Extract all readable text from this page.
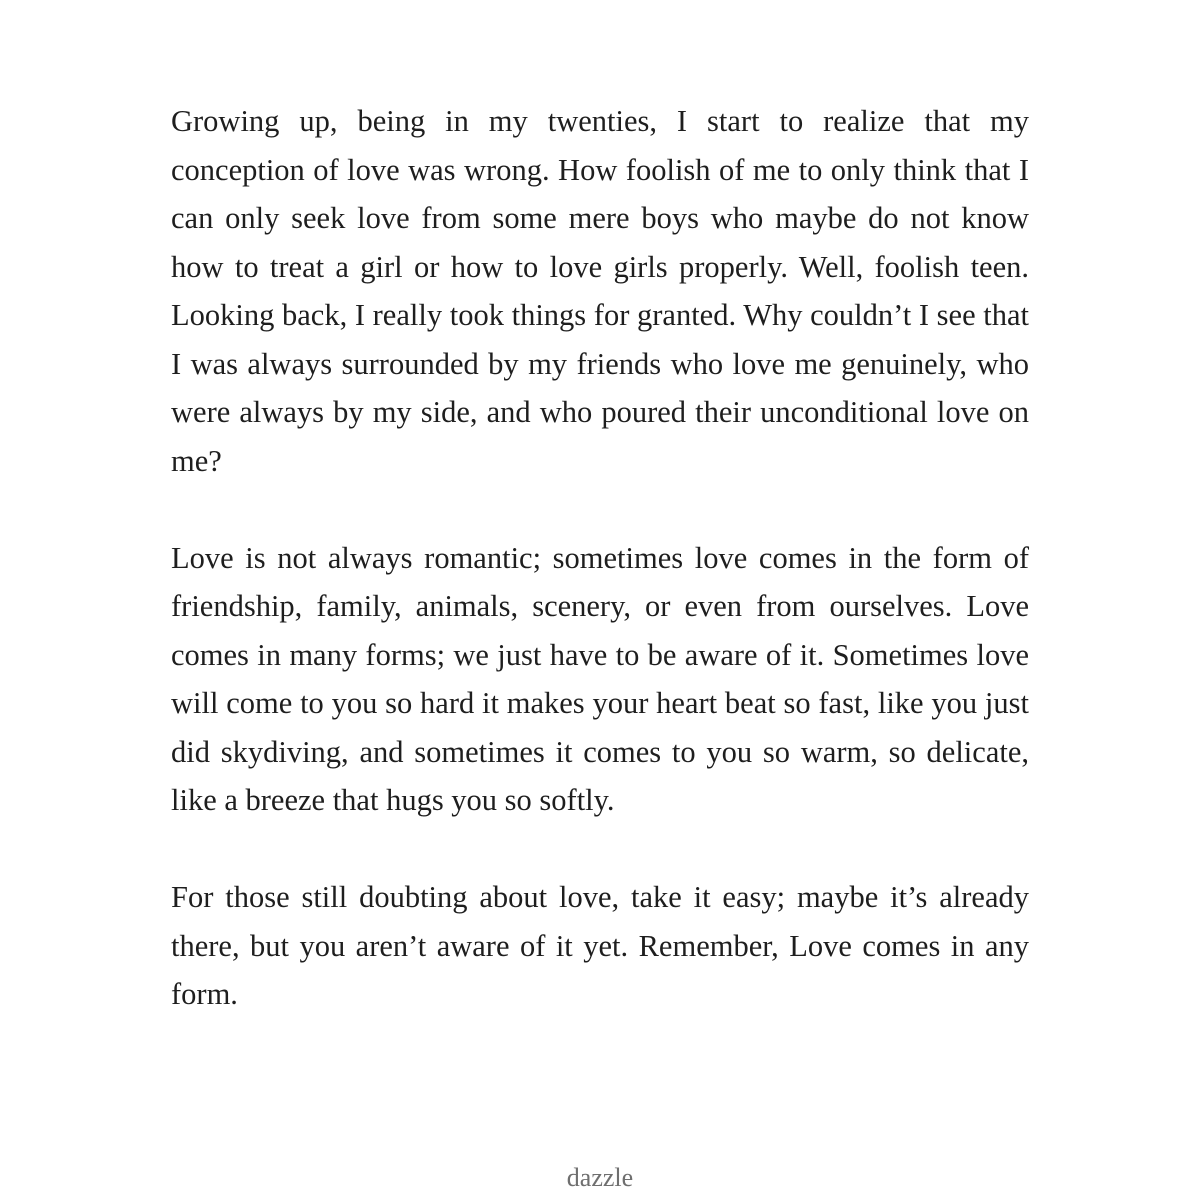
Growing up, being in my twenties, I start to realize that my conception of love was wrong. How foolish of me to only think that I can only seek love from some mere boys who maybe do not know how to treat a girl or how to love girls properly. Well, foolish teen. Looking back, I really took things for granted. Why couldn’t I see that I was always surrounded by my friends who love me genuinely, who were always by my side, and who poured their unconditional love on me?

Love is not always romantic; sometimes love comes in the form of friendship, family, animals, scenery, or even from ourselves. Love comes in many forms; we just have to be aware of it. Sometimes love will come to you so hard it makes your heart beat so fast, like you just did skydiving, and sometimes it comes to you so warm, so delicate, like a breeze that hugs you so softly.

For those still doubting about love, take it easy; maybe it’s already there, but you aren’t aware of it yet. Remember, Love comes in any form.

dazzle
